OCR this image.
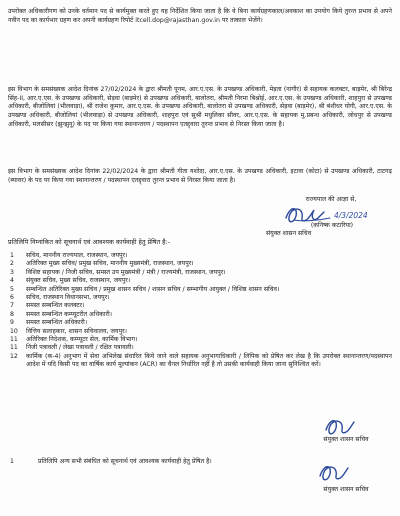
उपरोक्त अधिकारीगण को उनके वर्तमान पद से कार्यमुक्त करते हुए यह निर्देशित किया जाता है कि वे बिना कार्यग्रहणकाल/अवकाश का उपयोग किये तुरन्त प्रभाव से अपने नवीन पद का कार्यभार ग्रहण कर अपनी कार्यग्रहण रिपोर्ट itcell.dop@rajasthan.gov.in पर तत्काल भेजेंगे।

इस विभाग के समसंख्यक आदेश दिनांक 27/02/2024 के द्वारा श्रीमती पूनम, आर.ए.एस. के उपखण्ड अधिकारी, मेड़ता (नागौर) से सहायक कलक्टर, बाड़मेर, श्री बिरेन्द्र सिंह-II, आर.ए.एस. के उपखण्ड अधिकारी, सेड़वा (बाड़मेर) से उपखण्ड अधिकारी, बालोतरा, श्रीमती निरमा बिश्नोई, आर.ए.एस. के उपखण्ड अधिकारी, शाहपुरा से उपखण्ड अधिकारी, बीजोलियां (भीलवाड़ा), श्री राजेश कुमार, आर.ए.एस. के उपखण्ड अधिकारी, बालोतरा से उपखण्ड अधिकारी, सेड़वा (बाड़मेर), श्री बंशीधर योगी, आर.ए.एस. के उपखण्ड अधिकारी, बीजोलियां (भीलवाड़ा) से उपखण्ड अधिकारी, शाहपुरा एवं सुश्री मधुलिका सीवर, आर.ए.एस. के सहायक मु.प्रबन्ध अधिकारी, जोधपुर से उपखण्ड अधिकारी, मलसीसर (झुन्झुनू) के पद पर किया गया स्थानान्तरण / पदस्थापन एतद्द्वारा तुरन्त प्रभाव से निरस्त किया जाता है।

इस विभाग के समसंख्यक आदेश दिनांक 22/02/2024 के द्वारा श्रीमती गीता यशोदा, आर.ए.एस. के उपखण्ड अधिकारी, इटावा (कोटा) से उपखण्ड अधिकारी, टाटगढ़ (ब्यावर) के पद पर किया गया स्थानान्तरण / पदस्थापन एतद्द्वारा तुरन्त प्रभाव से निरस्त किया जाता है।

राज्यपाल की आज्ञा से,
(कनिष्क कटारिया)
संयुक्त शासन सचिव
4/3/2024
प्रतिलिपि निम्नांकित को सूचनार्थ एवं आवश्यक कार्यवाही हेतु प्रेषित है:-
1 सचिव, माननीय राज्यपाल, राजस्थान, जयपुर।
2 अतिरिक्त मुख्य सचिव/ प्रमुख सचिव, माननीय मुख्यमंत्री, राजस्थान, जयपुर।
3 विशिष्ट सहायक / निजी सचिव, समस्त उप मुख्यमंत्री / मंत्री / राज्यमंत्री, राजस्थान, जयपुर।
4 संयुक्त सचिव, मुख्य सचिव, राजस्थान, जयपुर।
5 सम्बन्धित अतिरिक्त मुख्य सचिव / प्रमुख शासन सचिव / शासन सचिव / सम्भागीय आयुक्त / विशिष्ठ शासन सचिव।
6 सचिव, राजस्थान विधानसभा, जयपुर।
7 समस्त सम्बन्धित कलक्टर।
8 समस्त सम्बन्धित कम्प्यूटरीत अधिकारी।
9 समस्त सम्बन्धित अधिकारी।
10 वित्तिय सलाहकार, शासन सचिवालय, जयपुर।
11 अतिरिक्त निदेशक, कम्प्यूटर सेल, कार्मिक विभाग।
11 निजी पत्रावली / लेखा पत्रावली / रक्षित पत्रावली।
12 कार्मिक (क-4) अनुभाग में सेवा अभिलेख संधारित किये जाने वाले सहायक अनुभागाधिकारी / लिपिक को प्रेषित कर लेख है कि उपरोक्त स्थानान्तरण/पदस्थापन आदेश में यदि किसी पद का वार्षिक कार्य मूल्यांकन (ACR) का चैनल निर्धारित नहीं है तो उसकी कार्यवाही किया जाना सुनिश्चित करें।
संयुक्त शासन सचिव
1	प्रतिलिपि अन्य सभी संबंधित को सूचनार्थ एवं आवश्यक कार्यवाही हेतु प्रेषित है।
संयुक्त शासन सचिव
